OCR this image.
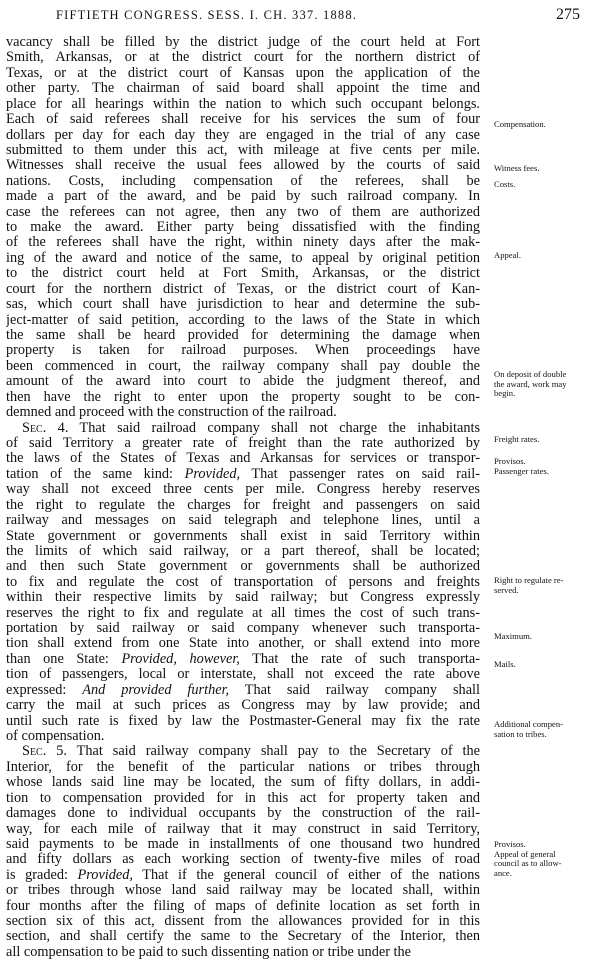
FIFTIETH CONGRESS. SESS. I. CH. 337. 1888.	275
vacancy shall be filled by the district judge of the court held at Fort
Smith, Arkansas, or at the district court for the northern district of
Texas, or at the district court of Kansas upon the application of the
other party. The chairman of said board shall appoint the time and
place for all hearings within the nation to which such occupant belongs.
Each of said referees shall receive for his services the sum of four
dollars per day for each day they are engaged in the trial of any case
submitted to them under this act, with mileage at five cents per mile.
Witnesses shall receive the usual fees allowed by the courts of said
nations. Costs, including compensation of the referees, shall be
made a part of the award, and be paid by such railroad company. In
case the referees can not agree, then any two of them are authorized
to make the award. Either party being dissatisfied with the finding
of the referees shall have the right, within ninety days after the mak-
ing of the award and notice of the same, to appeal by original petition
to the district court held at Fort Smith, Arkansas, or the district
court for the northern district of Texas, or the district court of Kan-
sas, which court shall have jurisdiction to hear and determine the sub-
ject-matter of said petition, according to the laws of the State in which
the same shall be heard provided for determining the damage when
property is taken for railroad purposes. When proceedings have
been commenced in court, the railway company shall pay double the
amount of the award into court to abide the judgment thereof, and
then have the right to enter upon the property sought to be con-
demned and proceed with the construction of the railroad.
Sec. 4. That said railroad company shall not charge the inhabitants
of said Territory a greater rate of freight than the rate authorized by
the laws of the States of Texas and Arkansas for services or transpor-
tation of the same kind: Provided, That passenger rates on said rail-
way shall not exceed three cents per mile. Congress hereby reserves
the right to regulate the charges for freight and passengers on said
railway and messages on said telegraph and telephone lines, until a
State government or governments shall exist in said Territory within
the limits of which said railway, or a part thereof, shall be located;
and then such State government or governments shall be authorized
to fix and regulate the cost of transportation of persons and freights
within their respective limits by said railway; but Congress expressly
reserves the right to fix and regulate at all times the cost of such trans-
portation by said railway or said company whenever such transporta-
tion shall extend from one State into another, or shall extend into more
than one State: Provided, however, That the rate of such transporta-
tion of passengers, local or interstate, shall not exceed the rate above
expressed: And provided further, That said railway company shall
carry the mail at such prices as Congress may by law provide; and
until such rate is fixed by law the Postmaster-General may fix the rate
of compensation.
Sec. 5. That said railway company shall pay to the Secretary of the
Interior, for the benefit of the particular nations or tribes through
whose lands said line may be located, the sum of fifty dollars, in addi-
tion to compensation provided for in this act for property taken and
damages done to individual occupants by the construction of the rail-
way, for each mile of railway that it may construct in said Territory,
said payments to be made in installments of one thousand two hundred
and fifty dollars as each working section of twenty-five miles of road
is graded: Provided, That if the general council of either of the nations
or tribes through whose land said railway may be located shall, within
four months after the filing of maps of definite location as set forth in
section six of this act, dissent from the allowances provided for in this
section, and shall certify the same to the Secretary of the Interior, then
all compensation to be paid to such dissenting nation or tribe under the
Compensation.
Witness fees.
Costs.
Appeal.
On deposit of double
the award, work may
begin.
Freight rates.
Provisos.
Passenger rates.
Right to regulate re-
served.
Maximum.
Mails.
Additional compen-
sation to tribes.
Provisos.
Appeal of general
council as to allow-
ance.
